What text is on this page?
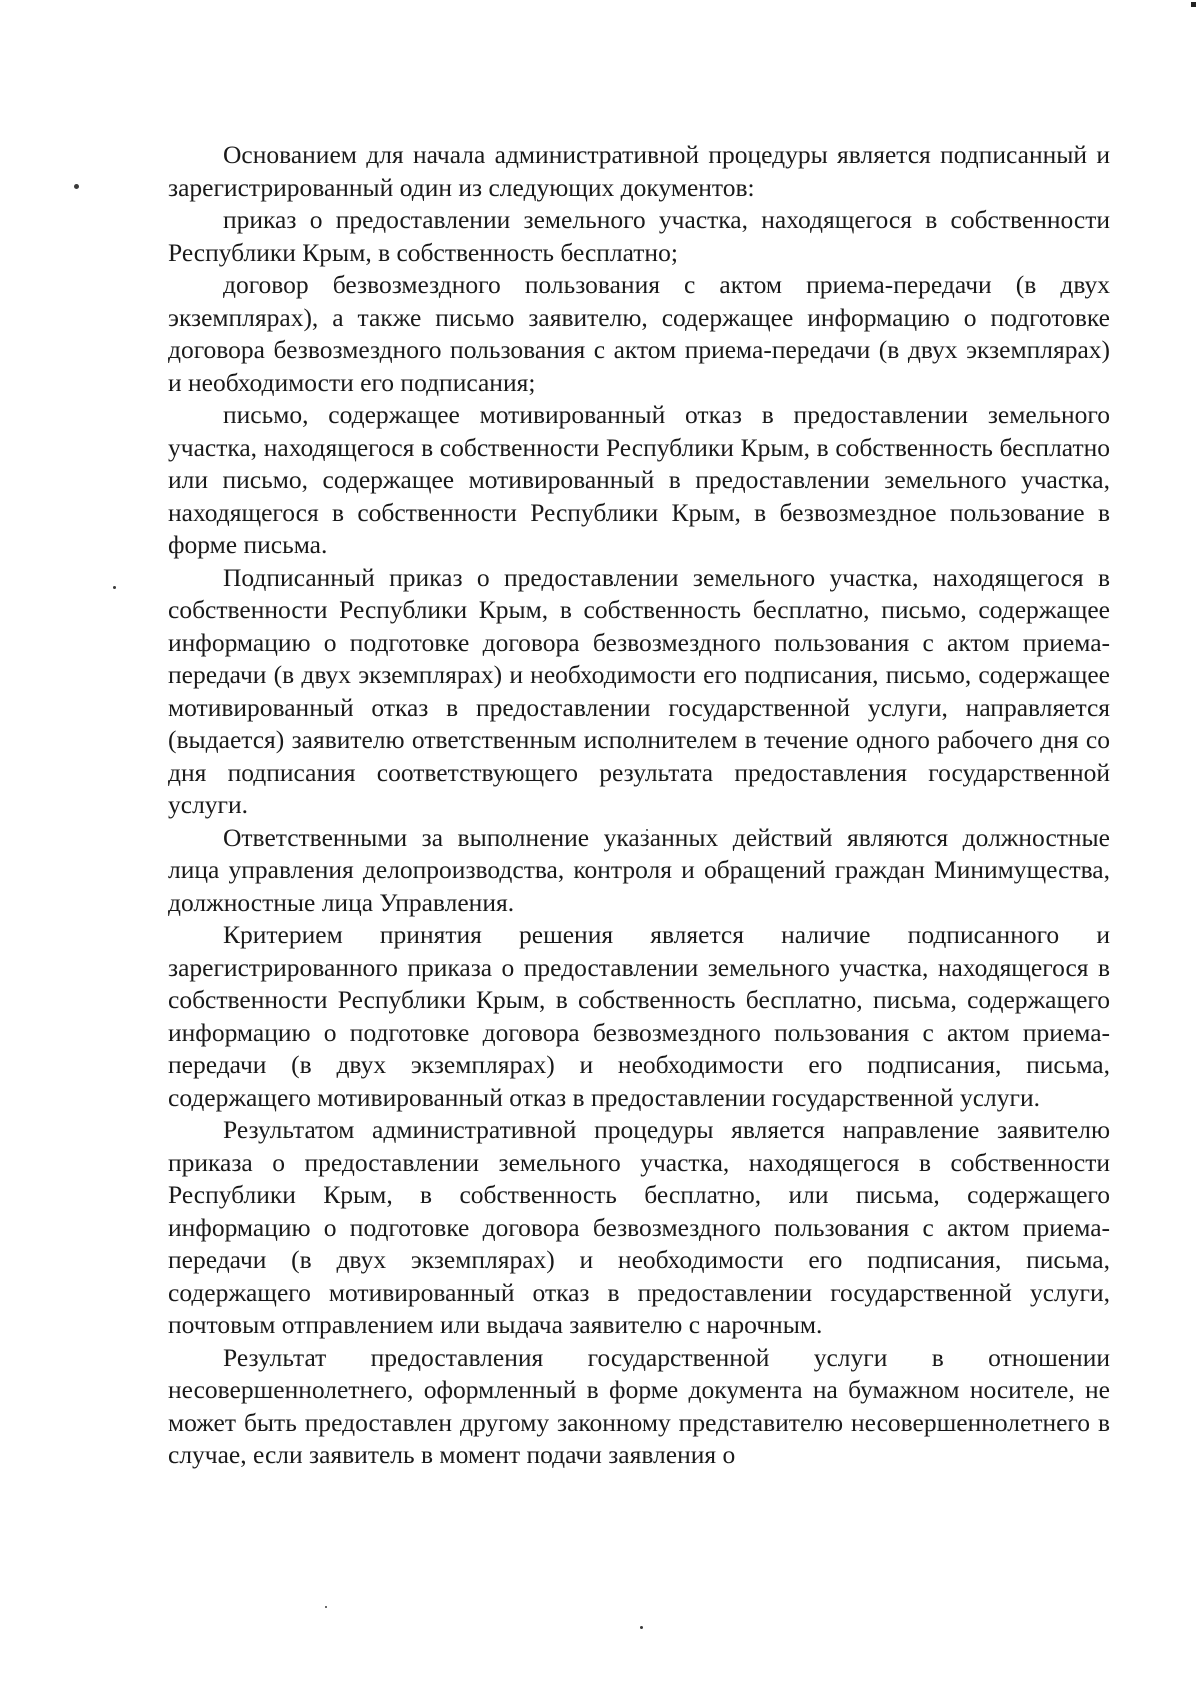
Основанием для начала административной процедуры является подписанный и зарегистрированный один из следующих документов:

приказ о предоставлении земельного участка, находящегося в собственности Республики Крым, в собственность бесплатно;

договор безвозмездного пользования с актом приема-передачи (в двух экземплярах), а также письмо заявителю, содержащее информацию о подготовке договора безвозмездного пользования с актом приема-передачи (в двух экземплярах) и необходимости его подписания;

письмо, содержащее мотивированный отказ в предоставлении земельного участка, находящегося в собственности Республики Крым, в собственность бесплатно или письмо, содержащее мотивированный в предоставлении земельного участка, находящегося в собственности Республики Крым, в безвозмездное пользование в форме письма.

Подписанный приказ о предоставлении земельного участка, находящегося в собственности Республики Крым, в собственность бесплатно, письмо, содержащее информацию о подготовке договора безвозмездного пользования с актом приема-передачи (в двух экземплярах) и необходимости его подписания, письмо, содержащее мотивированный отказ в предоставлении государственной услуги, направляется (выдается) заявителю ответственным исполнителем в течение одного рабочего дня со дня подписания соответствующего результата предоставления государственной услуги.

Ответственными за выполнение указанных действий являются должностные лица управления делопроизводства, контроля и обращений граждан Минимущества, должностные лица Управления.

Критерием принятия решения является наличие подписанного и зарегистрированного приказа о предоставлении земельного участка, находящегося в собственности Республики Крым, в собственность бесплатно, письма, содержащего информацию о подготовке договора безвозмездного пользования с актом приема-передачи (в двух экземплярах) и необходимости его подписания, письма, содержащего мотивированный отказ в предоставлении государственной услуги.

Результатом административной процедуры является направление заявителю приказа о предоставлении земельного участка, находящегося в собственности Республики Крым, в собственность бесплатно, или письма, содержащего информацию о подготовке договора безвозмездного пользования с актом приема-передачи (в двух экземплярах) и необходимости его подписания, письма, содержащего мотивированный отказ в предоставлении государственной услуги, почтовым отправлением или выдача заявителю с нарочным.

Результат предоставления государственной услуги в отношении несовершеннолетнего, оформленный в форме документа на бумажном носителе, не может быть предоставлен другому законному представителю несовершеннолетнего в случае, если заявитель в момент подачи заявления о
